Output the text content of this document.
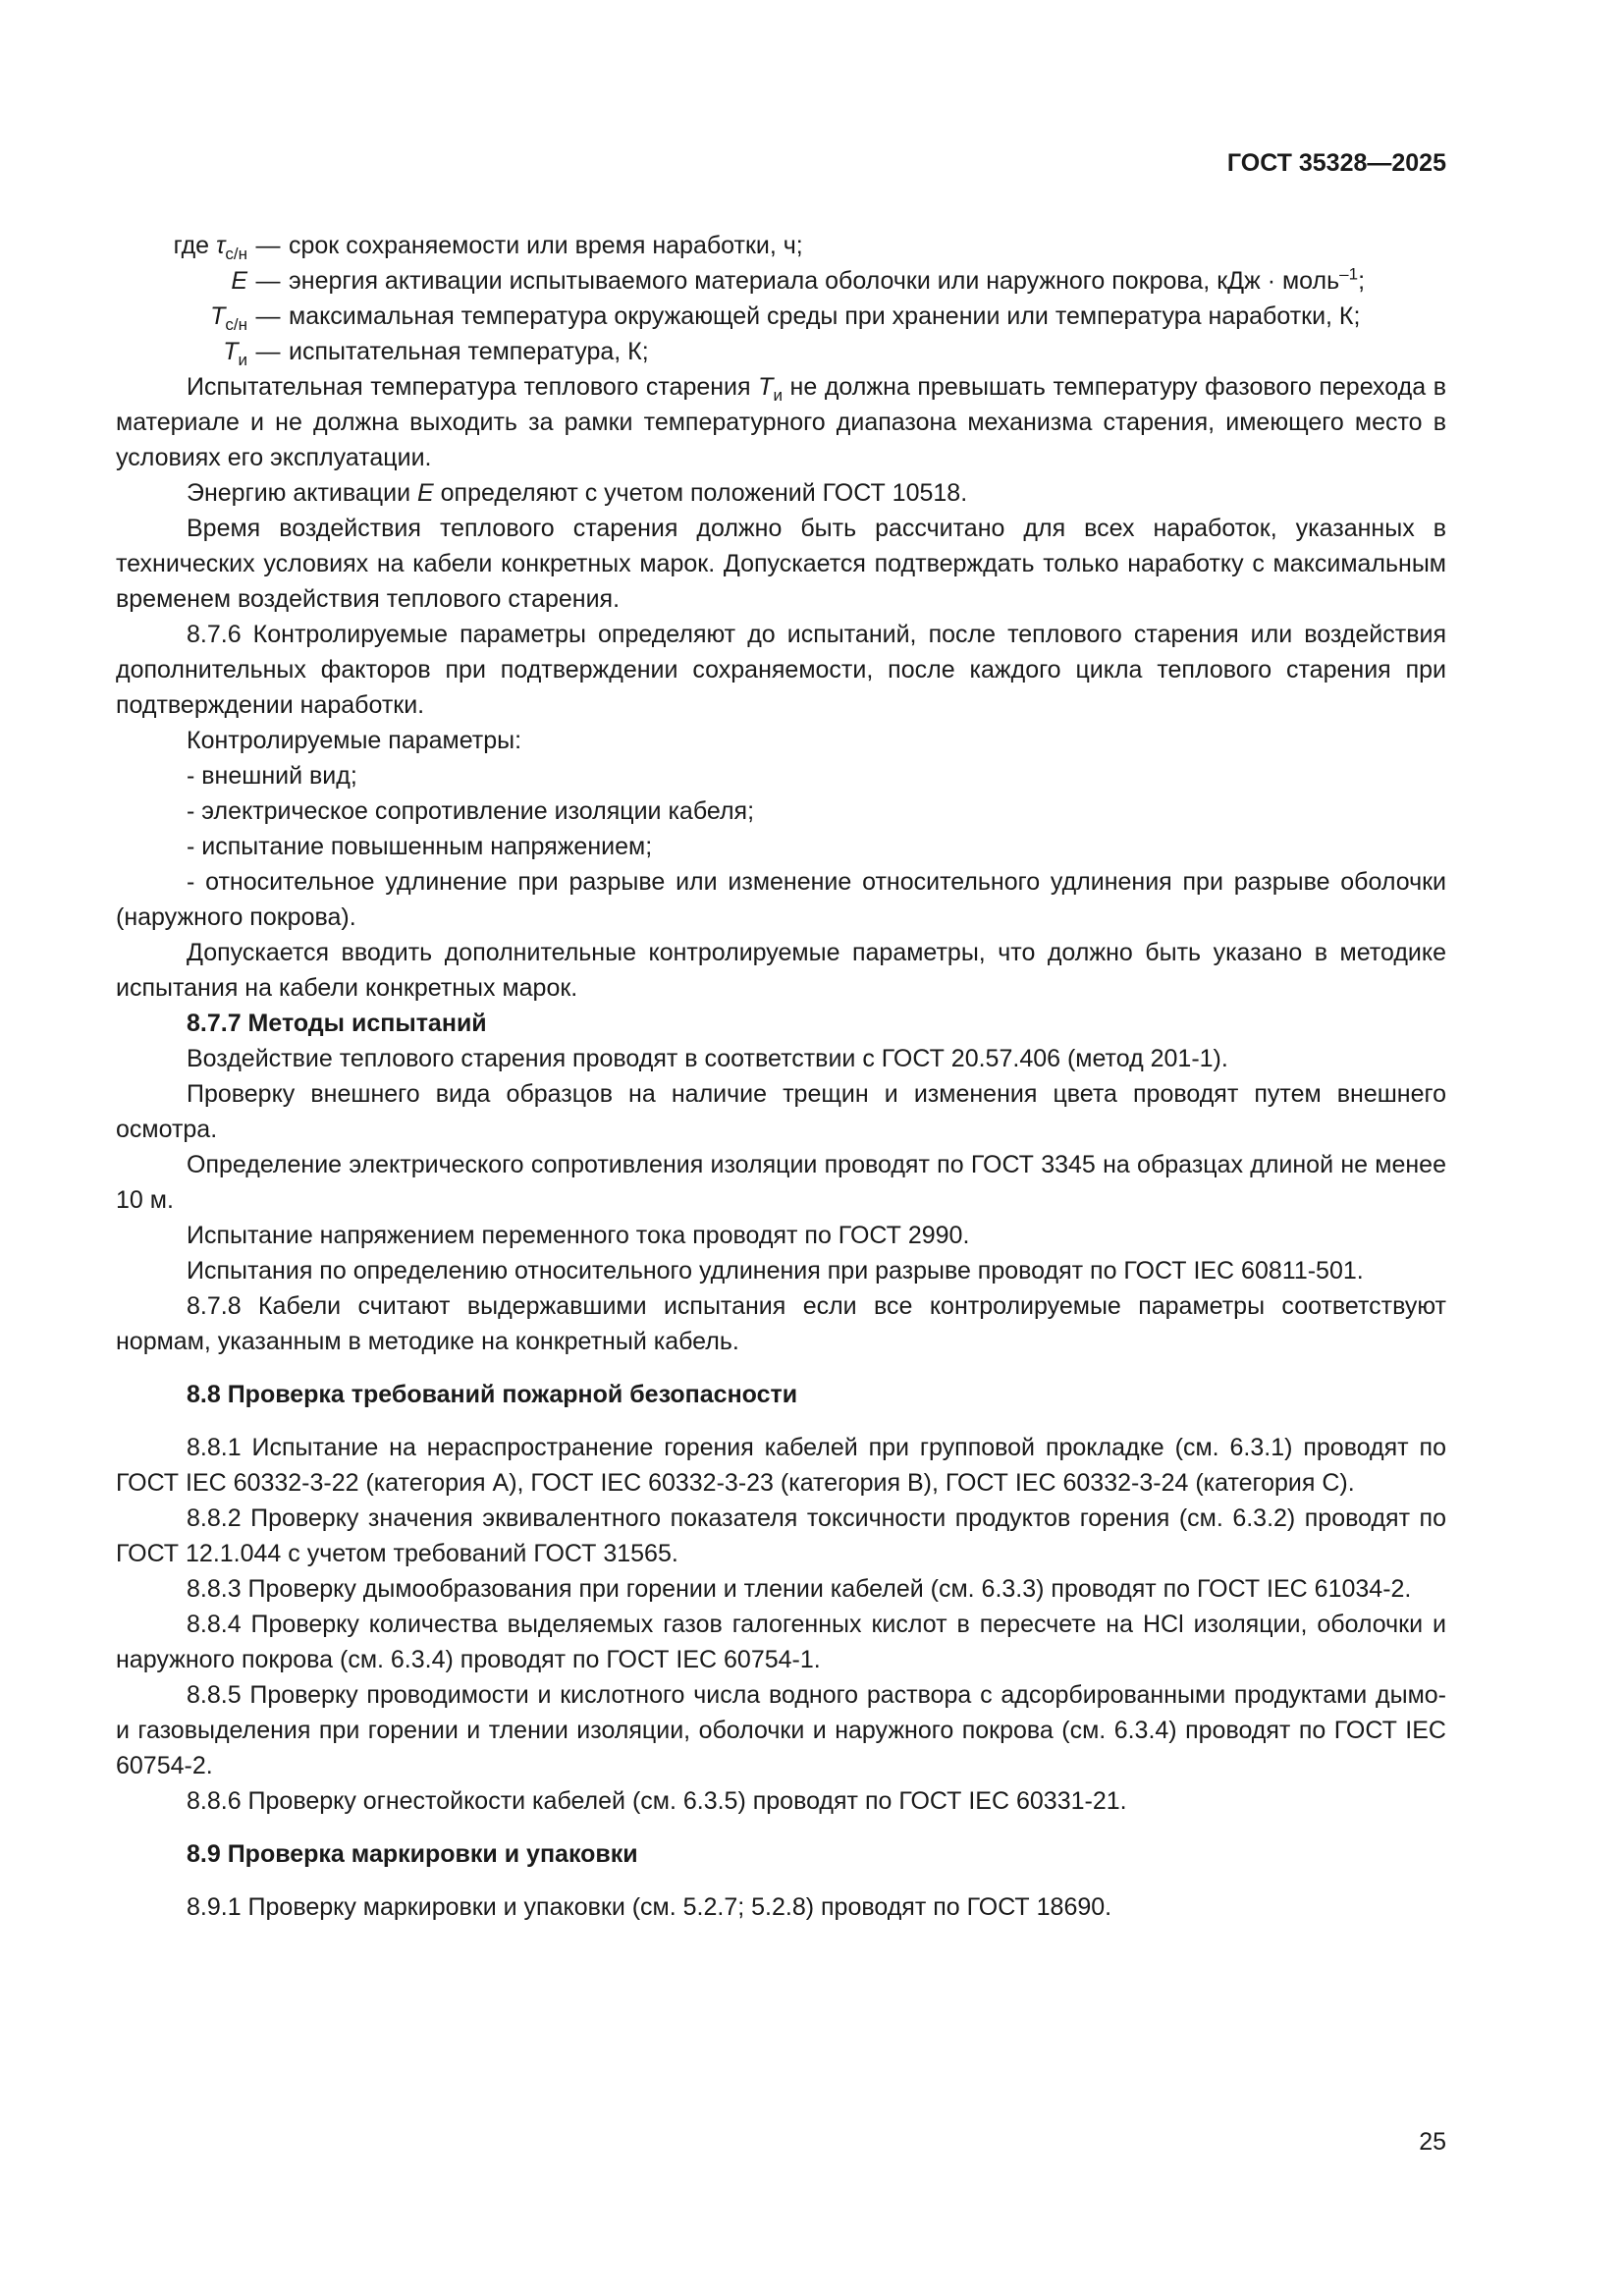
ГОСТ 35328—2025
где $\tau_{с/н}$ — срок сохраняемости или время наработки, ч;
E — энергия активации испытываемого материала оболочки или наружного покрова, кДж · моль$^{-1}$;
$T_{с/н}$ — максимальная температура окружающей среды при хранении или температура наработки, К;
$T_и$ — испытательная температура, К;

Испытательная температура теплового старения $T_и$ не должна превышать температуру фазового перехода в материале и не должна выходить за рамки температурного диапазона механизма старения, имеющего место в условиях его эксплуатации.

Энергию активации E определяют с учетом положений ГОСТ 10518.

Время воздействия теплового старения должно быть рассчитано для всех наработок, указанных в технических условиях на кабели конкретных марок. Допускается подтверждать только наработку с максимальным временем воздействия теплового старения.

8.7.6 Контролируемые параметры определяют до испытаний, после теплового старения или воздействия дополнительных факторов при подтверждении сохраняемости, после каждого цикла теплового старения при подтверждении наработки.

Контролируемые параметры:

- внешний вид;

- электрическое сопротивление изоляции кабеля;

- испытание повышенным напряжением;

- относительное удлинение при разрыве или изменение относительного удлинения при разрыве оболочки (наружного покрова).

Допускается вводить дополнительные контролируемые параметры, что должно быть указано в методике испытания на кабели конкретных марок.

8.7.7 Методы испытаний

Воздействие теплового старения проводят в соответствии с ГОСТ 20.57.406 (метод 201-1).

Проверку внешнего вида образцов на наличие трещин и изменения цвета проводят путем внешнего осмотра.

Определение электрического сопротивления изоляции проводят по ГОСТ 3345 на образцах длиной не менее 10 м.

Испытание напряжением переменного тока проводят по ГОСТ 2990.

Испытания по определению относительного удлинения при разрыве проводят по ГОСТ IEC 60811-501.

8.7.8 Кабели считают выдержавшими испытания если все контролируемые параметры соответствуют нормам, указанным в методике на конкретный кабель.

8.8 Проверка требований пожарной безопасности

8.8.1 Испытание на нераспространение горения кабелей при групповой прокладке (см. 6.3.1) проводят по ГОСТ IEC 60332-3-22 (категория А), ГОСТ IEC 60332-3-23 (категория В), ГОСТ IEC 60332-3-24 (категория С).

8.8.2 Проверку значения эквивалентного показателя токсичности продуктов горения (см. 6.3.2) проводят по ГОСТ 12.1.044 с учетом требований ГОСТ 31565.

8.8.3 Проверку дымообразования при горении и тлении кабелей (см. 6.3.3) проводят по ГОСТ IEC 61034-2.

8.8.4 Проверку количества выделяемых газов галогенных кислот в пересчете на HCl изоляции, оболочки и наружного покрова (см. 6.3.4) проводят по ГОСТ IEC 60754-1.

8.8.5 Проверку проводимости и кислотного числа водного раствора с адсорбированными продуктами дымо- и газовыделения при горении и тлении изоляции, оболочки и наружного покрова (см. 6.3.4) проводят по ГОСТ IEC 60754-2.

8.8.6 Проверку огнестойкости кабелей (см. 6.3.5) проводят по ГОСТ IEC 60331-21.

8.9 Проверка маркировки и упаковки

8.9.1 Проверку маркировки и упаковки (см. 5.2.7; 5.2.8) проводят по ГОСТ 18690.

25
